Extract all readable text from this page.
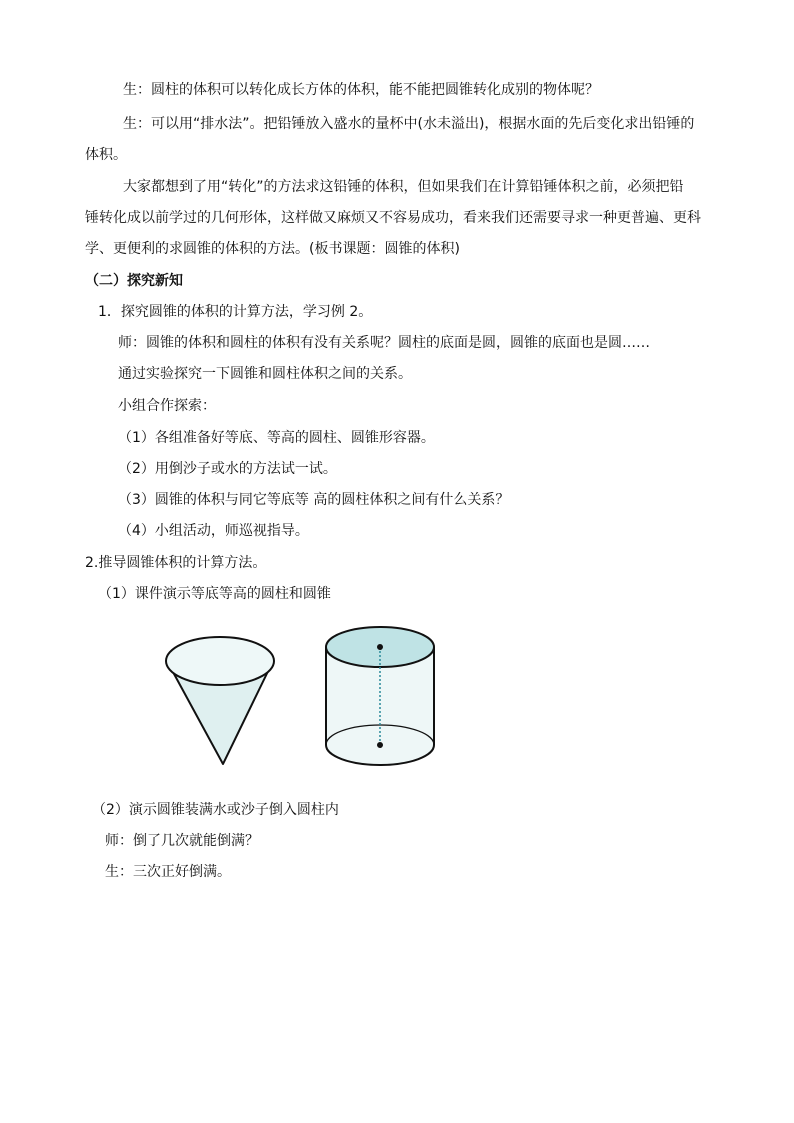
生：圆柱的体积可以转化成长方体的体积，能不能把圆锥转化成别的物体呢？
生：可以用“排水法”。把铅锤放入盛水的量杯中(水未溢出)，根据水面的先后变化求出铅锤的
体积。
大家都想到了用“转化”的方法求这铅锤的体积，但如果我们在计算铅锤体积之前，必须把铅
锤转化成以前学过的几何形体，这样做又麻烦又不容易成功，看来我们还需要寻求一种更普遍、更科
学、更便利的求圆锥的体积的方法。(板书课题：圆锥的体积)
（二）探究新知
1．探究圆锥的体积的计算方法，学习例 2。
师：圆锥的体积和圆柱的体积有没有关系呢？圆柱的底面是圆，圆锥的底面也是圆……
通过实验探究一下圆锥和圆柱体积之间的关系。
小组合作探索：
（1）各组准备好等底、等高的圆柱、圆锥形容器。
（2）用倒沙子或水的方法试一试。
（3）圆锥的体积与同它等底等 高的圆柱体积之间有什么关系？
（4）小组活动，师巡视指导。
2.推导圆锥体积的计算方法。
（1）课件演示等底等高的圆柱和圆锥
（2）演示圆锥装满水或沙子倒入圆柱内
师：倒了几次就能倒满？
生：三次正好倒满。
